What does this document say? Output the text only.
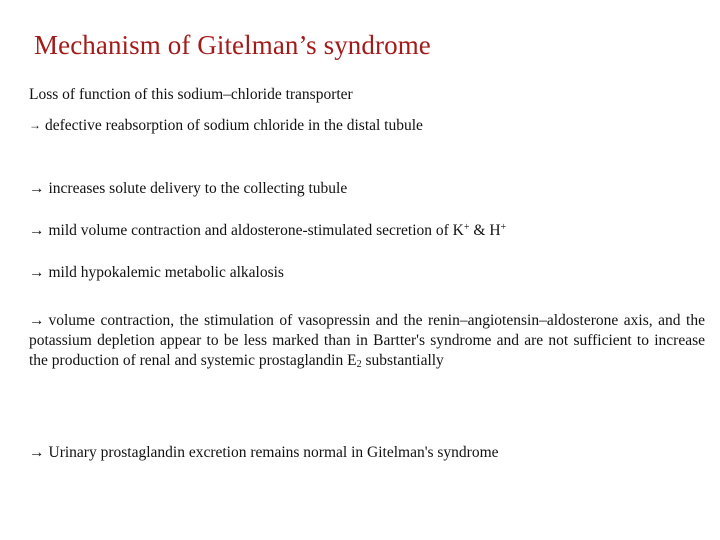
Mechanism of Gitelman’s syndrome
Loss of function of this sodium–chloride transporter
→ defective reabsorption of sodium chloride in the distal tubule
→ increases solute delivery to the collecting tubule
→ mild volume contraction and aldosterone-stimulated secretion of K+ & H+
→ mild hypokalemic metabolic alkalosis
→ volume contraction, the stimulation of vasopressin and the renin–angiotensin–aldosterone axis, and the potassium depletion appear to be less marked than in Bartter's syndrome and are not sufficient to increase the production of renal and systemic prostaglandin $E_2$ substantially
→ Urinary prostaglandin excretion remains normal in Gitelman's syndrome
